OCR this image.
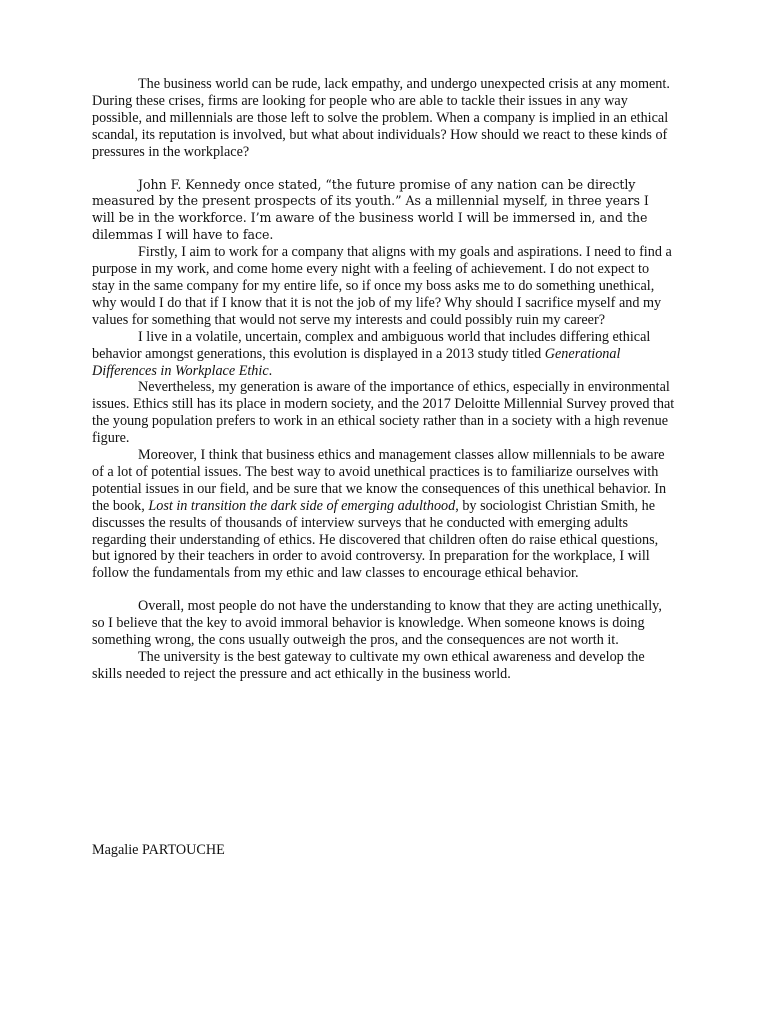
The business world can be rude, lack empathy, and undergo unexpected crisis at any moment. During these crises, firms are looking for people who are able to tackle their issues in any way possible, and millennials are those left to solve the problem. When a company is implied in an ethical scandal, its reputation is involved, but what about individuals? How should we react to these kinds of pressures in the workplace?

John F. Kennedy once stated, “the future promise of any nation can be directly measured by the present prospects of its youth.” As a millennial myself, in three years I will be in the workforce. I’m aware of the business world I will be immersed in, and the dilemmas I will have to face.

Firstly, I aim to work for a company that aligns with my goals and aspirations. I need to find a purpose in my work, and come home every night with a feeling of achievement. I do not expect to stay in the same company for my entire life, so if once my boss asks me to do something unethical, why would I do that if I know that it is not the job of my life? Why should I sacrifice myself and my values for something that would not serve my interests and could possibly ruin my career?

I live in a volatile, uncertain, complex and ambiguous world that includes differing ethical behavior amongst generations, this evolution is displayed in a 2013 study titled Generational Differences in Workplace Ethic.

Nevertheless, my generation is aware of the importance of ethics, especially in environmental issues. Ethics still has its place in modern society, and the 2017 Deloitte Millennial Survey proved that the young population prefers to work in an ethical society rather than in a society with a high revenue figure.

Moreover, I think that business ethics and management classes allow millennials to be aware of a lot of potential issues. The best way to avoid unethical practices is to familiarize ourselves with potential issues in our field, and be sure that we know the consequences of this unethical behavior. In the book, Lost in transition the dark side of emerging adulthood, by sociologist Christian Smith, he discusses the results of thousands of interview surveys that he conducted with emerging adults regarding their understanding of ethics. He discovered that children often do raise ethical questions, but ignored by their teachers in order to avoid controversy. In preparation for the workplace, I will follow the fundamentals from my ethic and law classes to encourage ethical behavior.

Overall, most people do not have the understanding to know that they are acting unethically, so I believe that the key to avoid immoral behavior is knowledge. When someone knows is doing something wrong, the cons usually outweigh the pros, and the consequences are not worth it.

The university is the best gateway to cultivate my own ethical awareness and develop the skills needed to reject the pressure and act ethically in the business world.

Magalie PARTOUCHE
